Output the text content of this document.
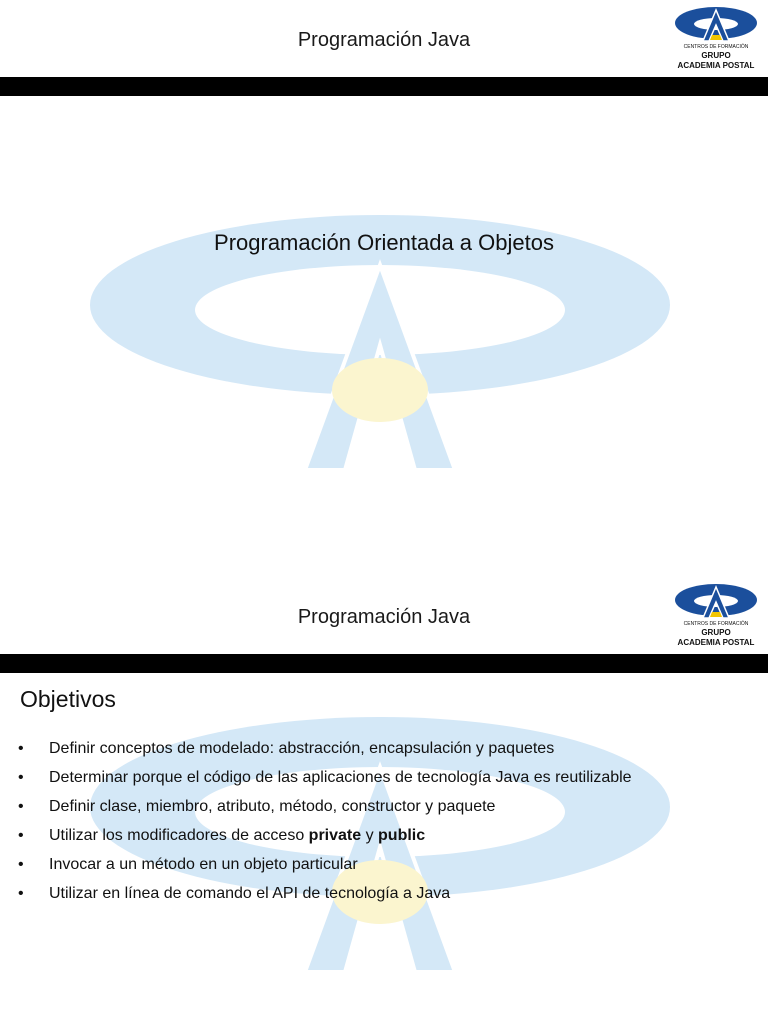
Programación Java	CENTROS DE FORMACIÓN
GRUPO
ACADEMIA POSTAL
Programación Orientada a Objetos
Programación Java	CENTROS DE FORMACIÓN
GRUPO
ACADEMIA POSTAL
Objetivos
• Definir conceptos de modelado: abstracción, encapsulación y paquetes
• Determinar porque el código de las aplicaciones de tecnología Java es reutilizable
• Definir clase, miembro, atributo, método, constructor y paquete
• Utilizar los modificadores de acceso private y public
• Invocar a un método en un objeto particular
• Utilizar en línea de comando el API de tecnología a Java
